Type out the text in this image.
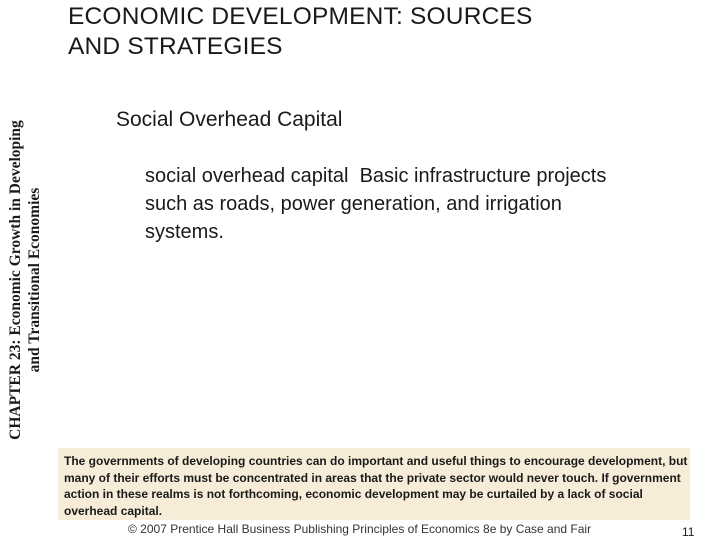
CHAPTER 23: Economic Growth in Developing and Transitional Economies
ECONOMIC DEVELOPMENT: SOURCES
AND STRATEGIES
Social Overhead Capital
social overhead capital Basic infrastructure projects such as roads, power generation, and irrigation systems.
The governments of developing countries can do important and useful things to encourage development, but many of their efforts must be concentrated in areas that the private sector would never touch. If government action in these realms is not forthcoming, economic development may be curtailed by a lack of social overhead capital.
© 2007 Prentice Hall Business Publishing Principles of Economics 8e by Case and Fair	11
